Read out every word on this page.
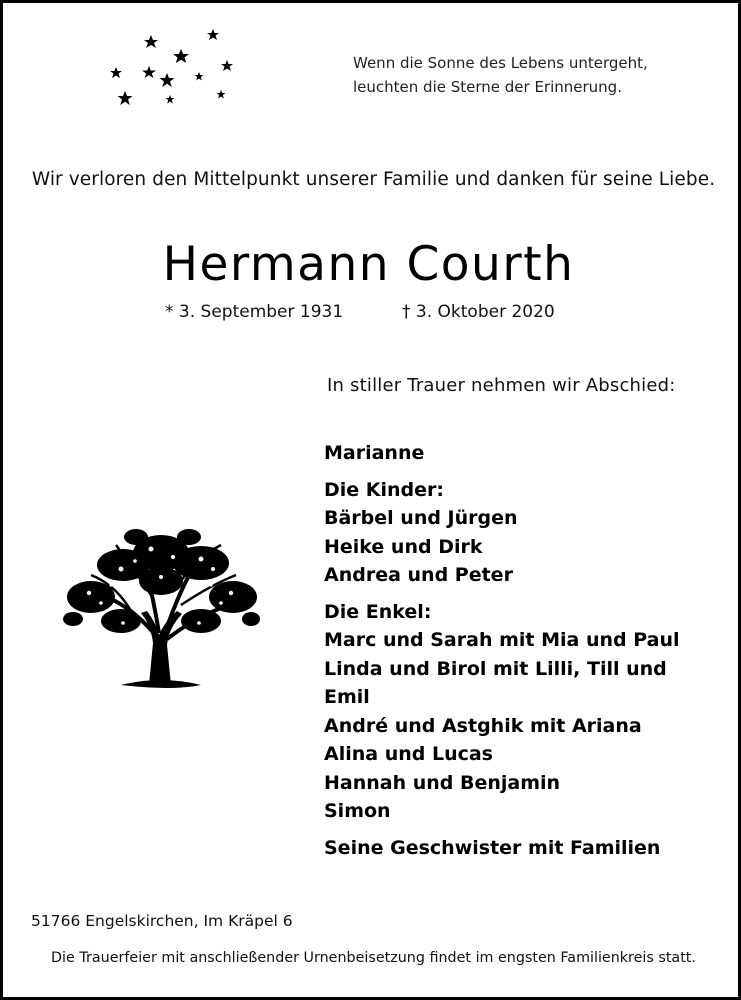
Wenn die Sonne des Lebens untergeht,
leuchten die Sterne der Erinnerung.
Wir verloren den Mittelpunkt unserer Familie und danken für seine Liebe.
Hermann Courth
* 3. September 1931	† 3. Oktober 2020
In stiller Trauer nehmen wir Abschied:
Marianne
Die Kinder:
Bärbel und Jürgen
Heike und Dirk
Andrea und Peter
Die Enkel:
Marc und Sarah mit Mia und Paul
Linda und Birol mit Lilli, Till und
Emil
André und Astghik mit Ariana
Alina und Lucas
Hannah und Benjamin
Simon
Seine Geschwister mit Familien
51766 Engelskirchen, Im Kräpel 6
Die Trauerfeier mit anschließender Urnenbeisetzung findet im engsten Familienkreis statt.
